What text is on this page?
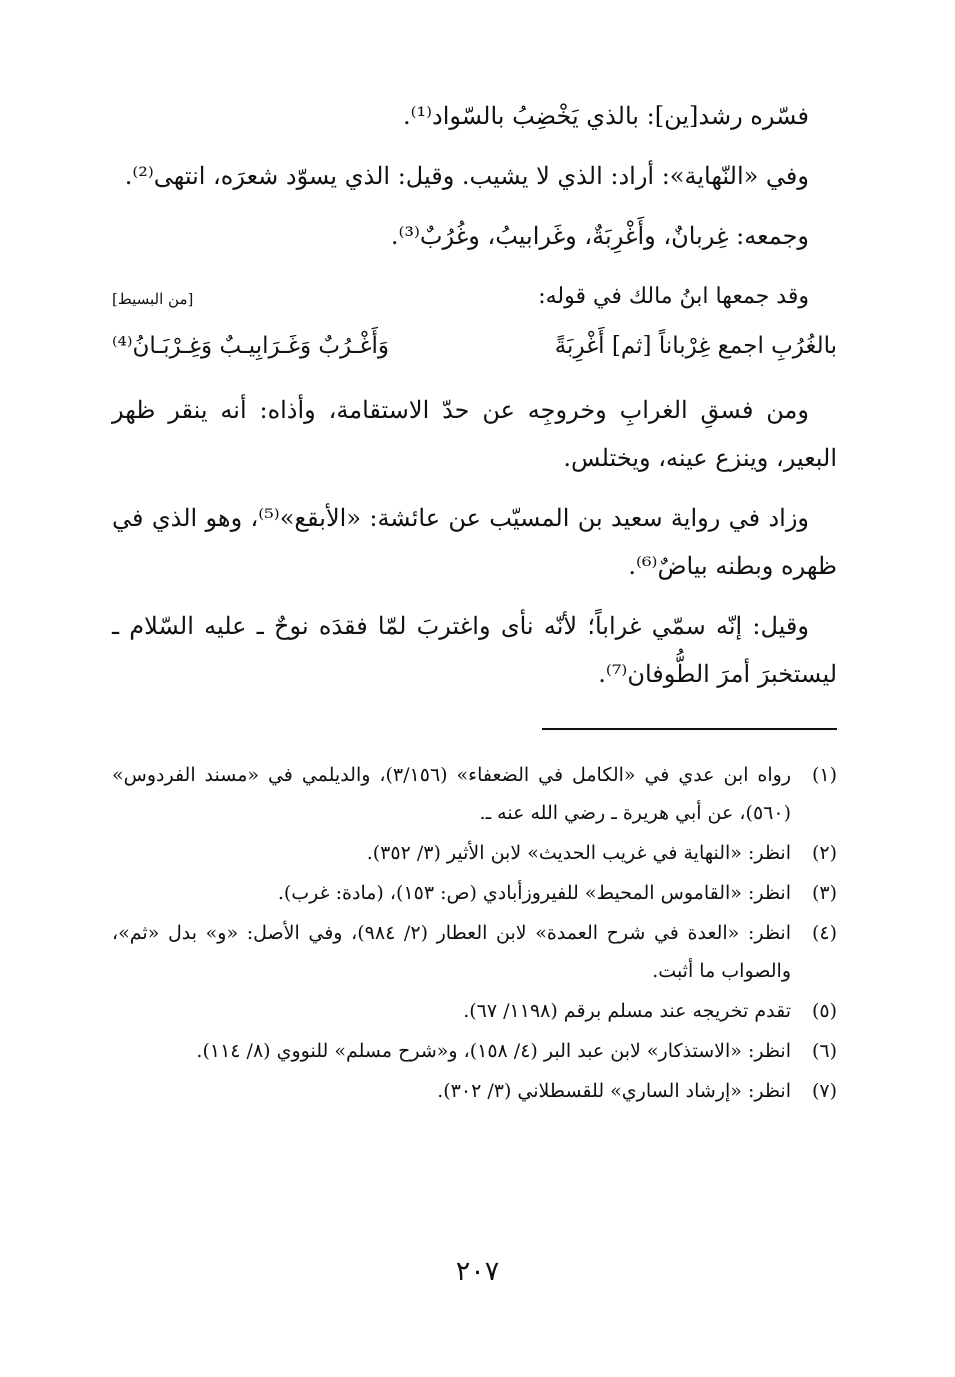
فسّره رشد[ين]: بالذي يَخْضِبُ بالسّواد⁽¹⁾.

وفي «النّهاية»: أراد: الذي لا يشيب. وقيل: الذي يسوّد شعرَه، انتهى⁽²⁾.

وجمعه: غِربانٌ، وأَغْرِبَةٌ، وغَرابيبُ، وغُرُبٌ⁽³⁾.

وقد جمعها ابنُ مالك في قوله:
[من البسيط]
بالغُرُبِ اجمع غِرْباناً [ثم] أَغْرِبَةً
وَأَغْـرُبٌ وَغَـرَابِيـبٌ وَغِـرْبَـانُ⁽⁴⁾

ومن فسقِ الغرابِ وخروجِه عن حدّ الاستقامة، وأذاه: أنه ينقر ظهر البعير، وينزع عينه، ويختلس.

وزاد في رواية سعيد بن المسيّب عن عائشة: «الأبقع»⁽⁵⁾، وهو الذي في ظهره وبطنه بياضٌ⁽⁶⁾.

وقيل: إنّه سمّي غراباً؛ لأنّه نأى واغتربَ لمّا فقدَه نوحٌ ـ عليه السّلام ـ ليستخبرَ أمرَ الطُّوفان⁽⁷⁾.

(١)
رواه ابن عدي في «الكامل في الضعفاء» (٣/١٥٦)، والديلمي في «مسند الفردوس» (٥٦٠)، عن أبي هريرة ـ رضي الله عنه ـ.
(٢)
انظر: «النهاية في غريب الحديث» لابن الأثير (٣/ ٣٥٢).
(٣)
انظر: «القاموس المحيط» للفيروزأبادي (ص: ١٥٣)، (مادة: غرب).
(٤)
انظر: «العدة في شرح العمدة» لابن العطار (٢/ ٩٨٤)، وفي الأصل: «و» بدل «ثم»، والصواب ما أثبت.
(٥)
تقدم تخريجه عند مسلم برقم (١١٩٨/ ٦٧).
(٦)
انظر: «الاستذكار» لابن عبد البر (٤/ ١٥٨)، و«شرح مسلم» للنووي (٨/ ١١٤).
(٧)
انظر: «إرشاد الساري» للقسطلاني (٣/ ٣٠٢).
٢٠٧
